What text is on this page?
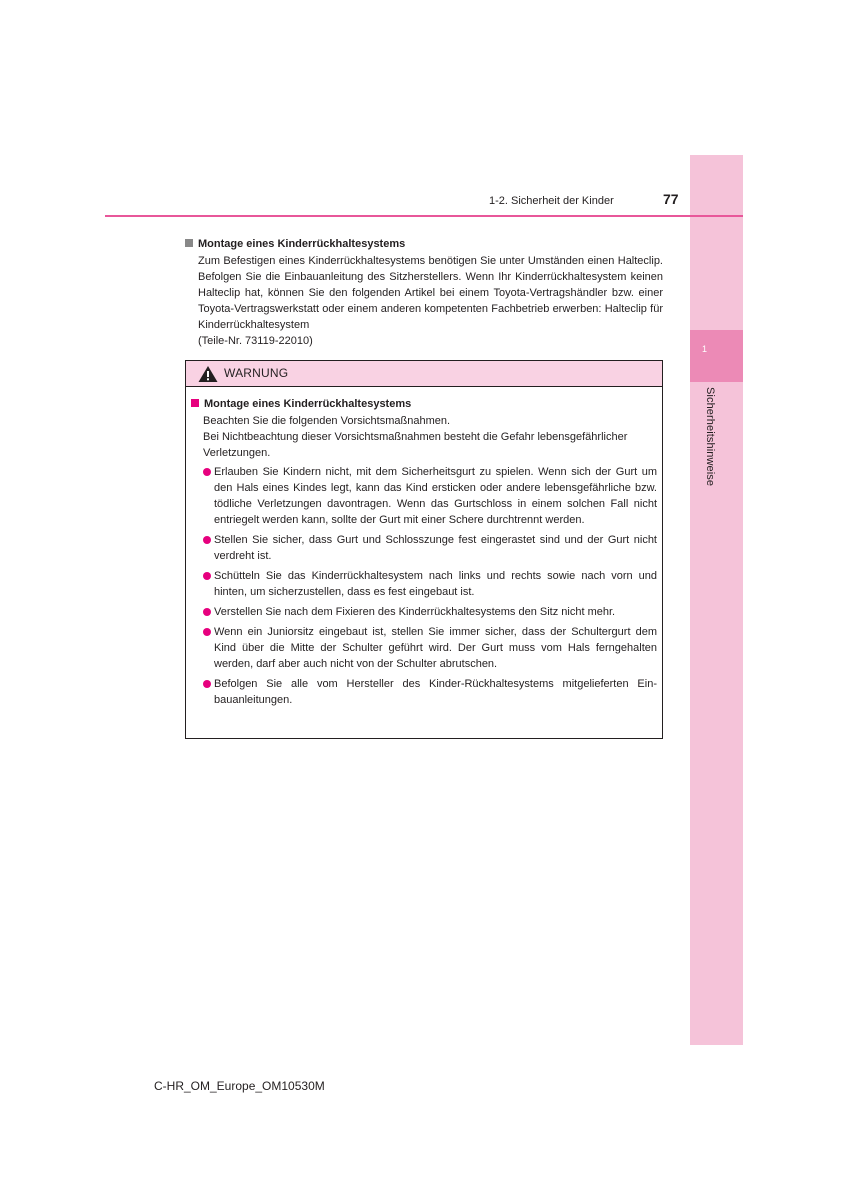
1
Sicherheitshinweise
1-2. Sicherheit der Kinder	77

Montage eines Kinderrückhaltesystems

Zum Befestigen eines Kinderrückhaltesystems benötigen Sie unter Umständen einen Halteclip. Befolgen Sie die Einbauanleitung des Sitzherstellers. Wenn Ihr Kinderrückhaltesystem keinen Halteclip hat, können Sie den folgenden Artikel bei einem Toyota-Vertragshändler bzw. einer Toyota-Vertragswerkstatt oder einem anderen kompetenten Fachbetrieb erwerben: Halteclip für Kinderrückhaltesystem

(Teile-Nr. 73119-22010)

WARNUNG

Montage eines Kinderrückhaltesystems

Beachten Sie die folgenden Vorsichtsmaßnahmen.

Bei Nichtbeachtung dieser Vorsichtsmaßnahmen besteht die Gefahr lebensgefährlicher Verletzungen.

Erlauben Sie Kindern nicht, mit dem Sicherheitsgurt zu spielen. Wenn sich der Gurt um den Hals eines Kindes legt, kann das Kind ersticken oder andere lebensgefährliche bzw. tödliche Verletzungen davontragen. Wenn das Gurtschloss in einem solchen Fall nicht entriegelt werden kann, sollte der Gurt mit einer Schere durchtrennt werden.
Stellen Sie sicher, dass Gurt und Schlosszunge fest eingerastet sind und der Gurt nicht verdreht ist.
Schütteln Sie das Kinderrückhaltesystem nach links und rechts sowie nach vorn und hinten, um sicherzustellen, dass es fest eingebaut ist.
Verstellen Sie nach dem Fixieren des Kinderrückhaltesystems den Sitz nicht mehr.
Wenn ein Juniorsitz eingebaut ist, stellen Sie immer sicher, dass der Schultergurt dem Kind über die Mitte der Schulter geführt wird. Der Gurt muss vom Hals ferngehalten werden, darf aber auch nicht von der Schulter abrutschen.
Befolgen Sie alle vom Hersteller des Kinder-Rückhaltesystems mitgelieferten Einbauanleitungen.
C-HR_OM_Europe_OM10530M
